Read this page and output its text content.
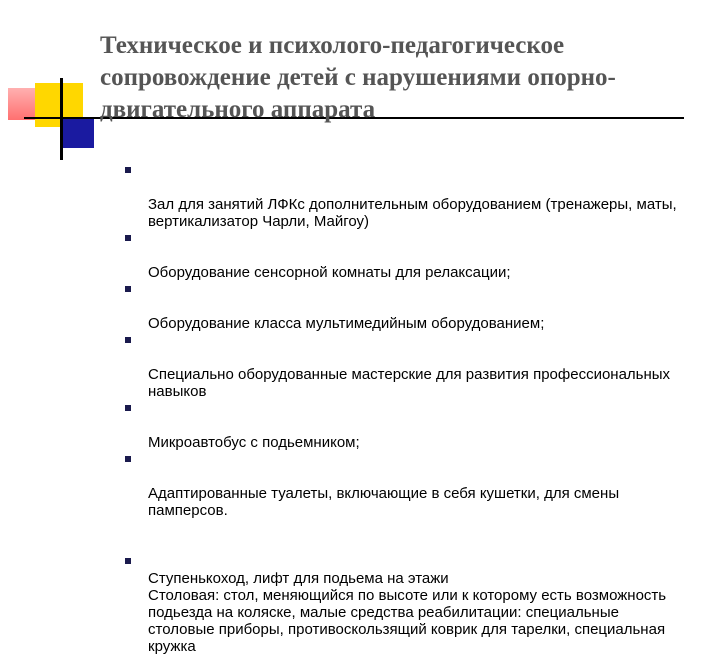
Техническое и психолого-педагогическое сопровождение детей с нарушениями опорно-двигательного аппарата

Зал для занятий ЛФКс дополнительным оборудованием (тренажеры, маты, вертикализатор Чарли, Майгоу)

Оборудование сенсорной комнаты для релаксации;

Оборудование класса мультимедийным оборудованием;

Специально оборудованные мастерские для развития профессиональных навыков

Микроавтобус с подьемником;

Адаптированные туалеты, включающие в себя кушетки, для смены памперсов.

Ступенькоход, лифт для подьема на этажи
Столовая: стол, меняющийся по высоте или к которому есть возможность подьезда на коляске, малые средства реабилитации: специальные столовые приборы, противоскользящий коврик для тарелки, специальная кружка
